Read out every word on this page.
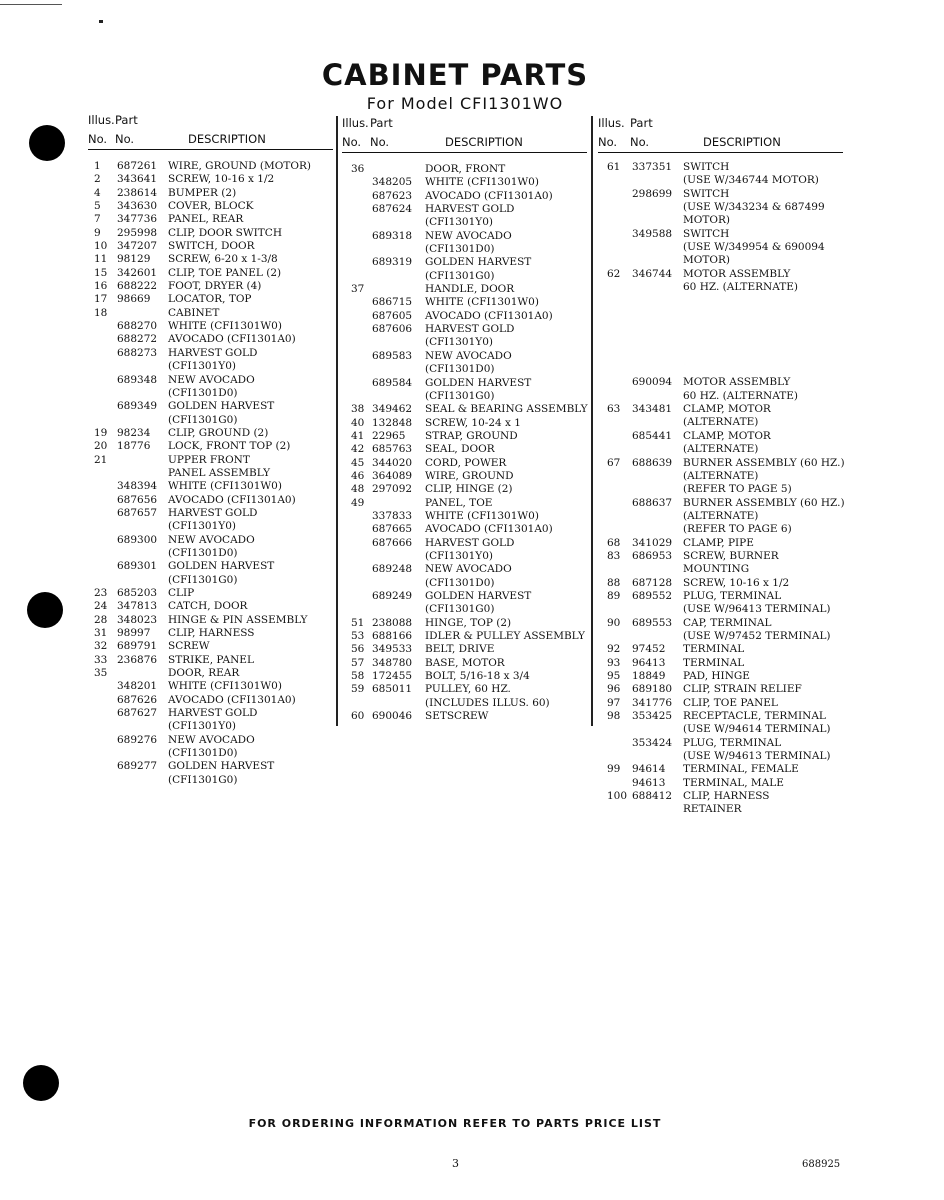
CABINET PARTS
For Model CFI1301WO
Illus. Part
No. No.	DESCRIPTION
1 687261 WIRE, GROUND (MOTOR)
2 343641 SCREW, 10-16 x 1/2
4 238614 BUMPER (2)
5 343630 COVER, BLOCK
7 347736 PANEL, REAR
9 295998 CLIP, DOOR SWITCH
10 347207 SWITCH, DOOR
11 98129 SCREW, 6-20 x 1-3/8
15 342601 CLIP, TOE PANEL (2)
16 688222 FOOT, DRYER (4)
17 98669 LOCATOR, TOP
18	CABINET
688270 WHITE (CFI1301W0)
688272 AVOCADO (CFI1301A0)
688273 HARVEST GOLD
(CFI1301Y0)
689348 NEW AVOCADO
(CFI1301D0)
689349 GOLDEN HARVEST
(CFI1301G0)
19 98234 CLIP, GROUND (2)
20 18776 LOCK, FRONT TOP (2)
21	UPPER FRONT
PANEL ASSEMBLY
348394 WHITE (CFI1301W0)
687656 AVOCADO (CFI1301A0)
687657 HARVEST GOLD
(CFI1301Y0)
689300 NEW AVOCADO
(CFI1301D0)
689301 GOLDEN HARVEST
(CFI1301G0)
23 685203 CLIP
24 347813 CATCH, DOOR
28 348023 HINGE & PIN ASSEMBLY
31 98997 CLIP, HARNESS
32 689791 SCREW
33 236876 STRIKE, PANEL
35	DOOR, REAR
348201 WHITE (CFI1301W0)
687626 AVOCADO (CFI1301A0)
687627 HARVEST GOLD
(CFI1301Y0)
689276 NEW AVOCADO
(CFI1301D0)
689277 GOLDEN HARVEST
(CFI1301G0)
Illus. Part
No. No.	DESCRIPTION
36	DOOR, FRONT
348205 WHITE (CFI1301W0)
687623 AVOCADO (CFI1301A0)
687624 HARVEST GOLD
(CFI1301Y0)
689318 NEW AVOCADO
(CFI1301D0)
689319 GOLDEN HARVEST
(CFI1301G0)
37	HANDLE, DOOR
686715 WHITE (CFI1301W0)
687605 AVOCADO (CFI1301A0)
687606 HARVEST GOLD
(CFI1301Y0)
689583 NEW AVOCADO
(CFI1301D0)
689584 GOLDEN HARVEST
(CFI1301G0)
38 349462 SEAL & BEARING ASSEMBLY
40 132848 SCREW, 10-24 x 1
41 22965 STRAP, GROUND
42 685763 SEAL, DOOR
45 344020 CORD, POWER
46 364089 WIRE, GROUND
48 297092 CLIP, HINGE (2)
49	PANEL, TOE
337833 WHITE (CFI1301W0)
687665 AVOCADO (CFI1301A0)
687666 HARVEST GOLD
(CFI1301Y0)
689248 NEW AVOCADO
(CFI1301D0)
689249 GOLDEN HARVEST
(CFI1301G0)
51 238088 HINGE, TOP (2)
53 688166 IDLER & PULLEY ASSEMBLY
56 349533 BELT, DRIVE
57 348780 BASE, MOTOR
58 172455 BOLT, 5/16-18 x 3/4
59 685011 PULLEY, 60 HZ.
(INCLUDES ILLUS. 60)
60 690046 SETSCREW
Illus. Part
No. No.	DESCRIPTION
61 337351 SWITCH
(USE W/346744 MOTOR)
298699 SWITCH
(USE W/343234 & 687499
MOTOR)
349588 SWITCH
(USE W/349954 & 690094
MOTOR)
62 346744 MOTOR ASSEMBLY
60 HZ. (ALTERNATE)
690094 MOTOR ASSEMBLY
60 HZ. (ALTERNATE)
63 343481 CLAMP, MOTOR
(ALTERNATE)
685441 CLAMP, MOTOR
(ALTERNATE)
67 688639 BURNER ASSEMBLY (60 HZ.)
(ALTERNATE)
(REFER TO PAGE 5)
688637 BURNER ASSEMBLY (60 HZ.)
(ALTERNATE)
(REFER TO PAGE 6)
68 341029 CLAMP, PIPE
83 686953 SCREW, BURNER
MOUNTING
88 687128 SCREW, 10-16 x 1/2
89 689552 PLUG, TERMINAL
(USE W/96413 TERMINAL)
90 689553 CAP, TERMINAL
(USE W/97452 TERMINAL)
92 97452 TERMINAL
93 96413 TERMINAL
95 18849 PAD, HINGE
96 689180 CLIP, STRAIN RELIEF
97 341776 CLIP, TOE PANEL
98 353425 RECEPTACLE, TERMINAL
(USE W/94614 TERMINAL)
353424 PLUG, TERMINAL
(USE W/94613 TERMINAL)
99 94614 TERMINAL, FEMALE
94613 TERMINAL, MALE
100 688412 CLIP, HARNESS
RETAINER
FOR ORDERING INFORMATION REFER TO PARTS PRICE LIST
3	688925
